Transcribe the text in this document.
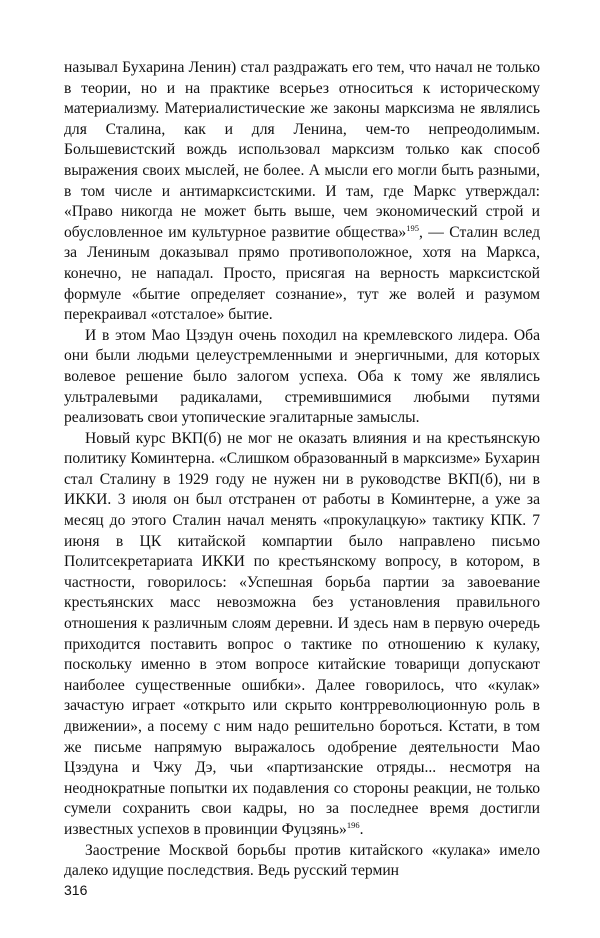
называл Бухарина Ленин) стал раздражать его тем, что начал не только в теории, но и на практике всерьез относиться к историческому материализму. Материалистические же законы марксизма не являлись для Сталина, как и для Ленина, чем-то непреодолимым. Большевистский вождь использовал марксизм только как способ выражения своих мыслей, не более. А мысли его могли быть разными, в том числе и антимарксистскими. И там, где Маркс утверждал: «Право никогда не может быть выше, чем экономический строй и обусловленное им культурное развитие общества»$^{195}$, — Сталин вслед за Лениным доказывал прямо противоположное, хотя на Маркса, конечно, не нападал. Просто, присягая на верность марксистской формуле «бытие определяет сознание», тут же волей и разумом перекраивал «отсталое» бытие.

И в этом Мао Цзэдун очень походил на кремлевского лидера. Оба они были людьми целеустремленными и энергичными, для которых волевое решение было залогом успеха. Оба к тому же являлись ультралевыми радикалами, стремившимися любыми путями реализовать свои утопические эгалитарные замыслы.

Новый курс ВКП(б) не мог не оказать влияния и на крестьянскую политику Коминтерна. «Слишком образованный в марксизме» Бухарин стал Сталину в 1929 году не нужен ни в руководстве ВКП(б), ни в ИККИ. 3 июля он был отстранен от работы в Коминтерне, а уже за месяц до этого Сталин начал менять «прокулацкую» тактику КПК. 7 июня в ЦК китайской компартии было направлено письмо Политсекретариата ИККИ по крестьянскому вопросу, в котором, в частности, говорилось: «Успешная борьба партии за завоевание крестьянских масс невозможна без установления правильного отношения к различным слоям деревни. И здесь нам в первую очередь приходится поставить вопрос о тактике по отношению к кулаку, поскольку именно в этом вопросе китайские товарищи допускают наиболее существенные ошибки». Далее говорилось, что «кулак» зачастую играет «открыто или скрыто контрреволюционную роль в движении», а посему с ним надо решительно бороться. Кстати, в том же письме напрямую выражалось одобрение деятельности Мао Цзэдуна и Чжу Дэ, чьи «партизанские отряды... несмотря на неоднократные попытки их подавления со стороны реакции, не только сумели сохранить свои кадры, но за последнее время достигли известных успехов в провинции Фуцзянь»$^{196}$.

Заострение Москвой борьбы против китайского «кулака» имело далеко идущие последствия. Ведь русский термин

316
